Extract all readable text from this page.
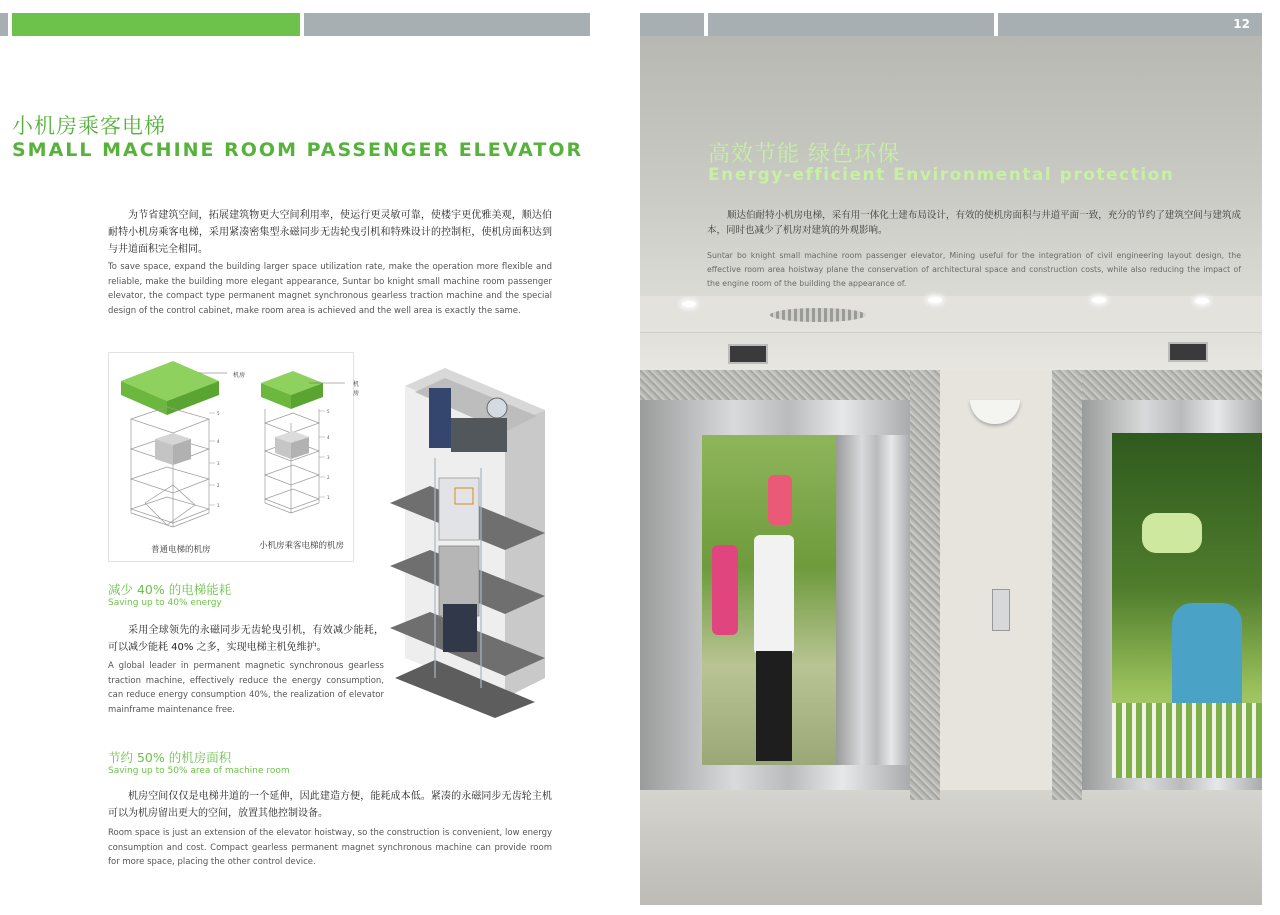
小机房乘客电梯
SMALL MACHINE ROOM PASSENGER ELEVATOR
为节省建筑空间，拓展建筑物更大空间利用率，使运行更灵敏可靠，使楼宇更优雅美观，顺达伯耐特小机房乘客电梯，采用紧凑密集型永磁同步无齿轮曳引机和特殊设计的控制柜，使机房面积达到与井道面积完全相同。
To save space, expand the building larger space utilization rate, make the operation more flexible and reliable, make the building more elegant appearance, Suntar bo knight small machine room passenger elevator, the compact type permanent magnet synchronous gearless traction machine and the special design of the control cabinet, make room area is achieved and the well area is exactly the same.
5
4
3
2
1
5
4
3
2
1
机房
机房
普通电梯的机房	小机房乘客电梯的机房
减少 40% 的电梯能耗
Saving up to 40% energy
采用全球领先的永磁同步无齿轮曳引机，有效减少能耗，可以减少能耗 40% 之多，实现电梯主机免维护。
A global leader in permanent magnetic synchronous gearless traction machine, effectively reduce the energy consumption, can reduce energy consumption 40%, the realization of elevator mainframe maintenance free.
节约 50% 的机房面积
Saving up to 50% area of machine room
机房空间仅仅是电梯井道的一个延伸，因此建造方便，能耗成本低。紧凑的永磁同步无齿轮主机可以为机房留出更大的空间，放置其他控制设备。
Room space is just an extension of the elevator hoistway, so the construction is convenient, low energy consumption and cost. Compact gearless permanent magnet synchronous machine can provide room for more space, placing the other control device.
12
高效节能 绿色环保
Energy-efficient Environmental protection
顺达伯耐特小机房电梯，采有用一体化土建布局设计，有效的使机房面积与井道平面一致，充分的节约了建筑空间与建筑成本，同时也减少了机房对建筑的外观影响。
Suntar bo knight small machine room passenger elevator, Mining useful for the integration of civil engineering layout design, the effective room area hoistway plane the conservation of architectural space and construction costs, while also reducing the impact of the engine room of the building the appearance of.
